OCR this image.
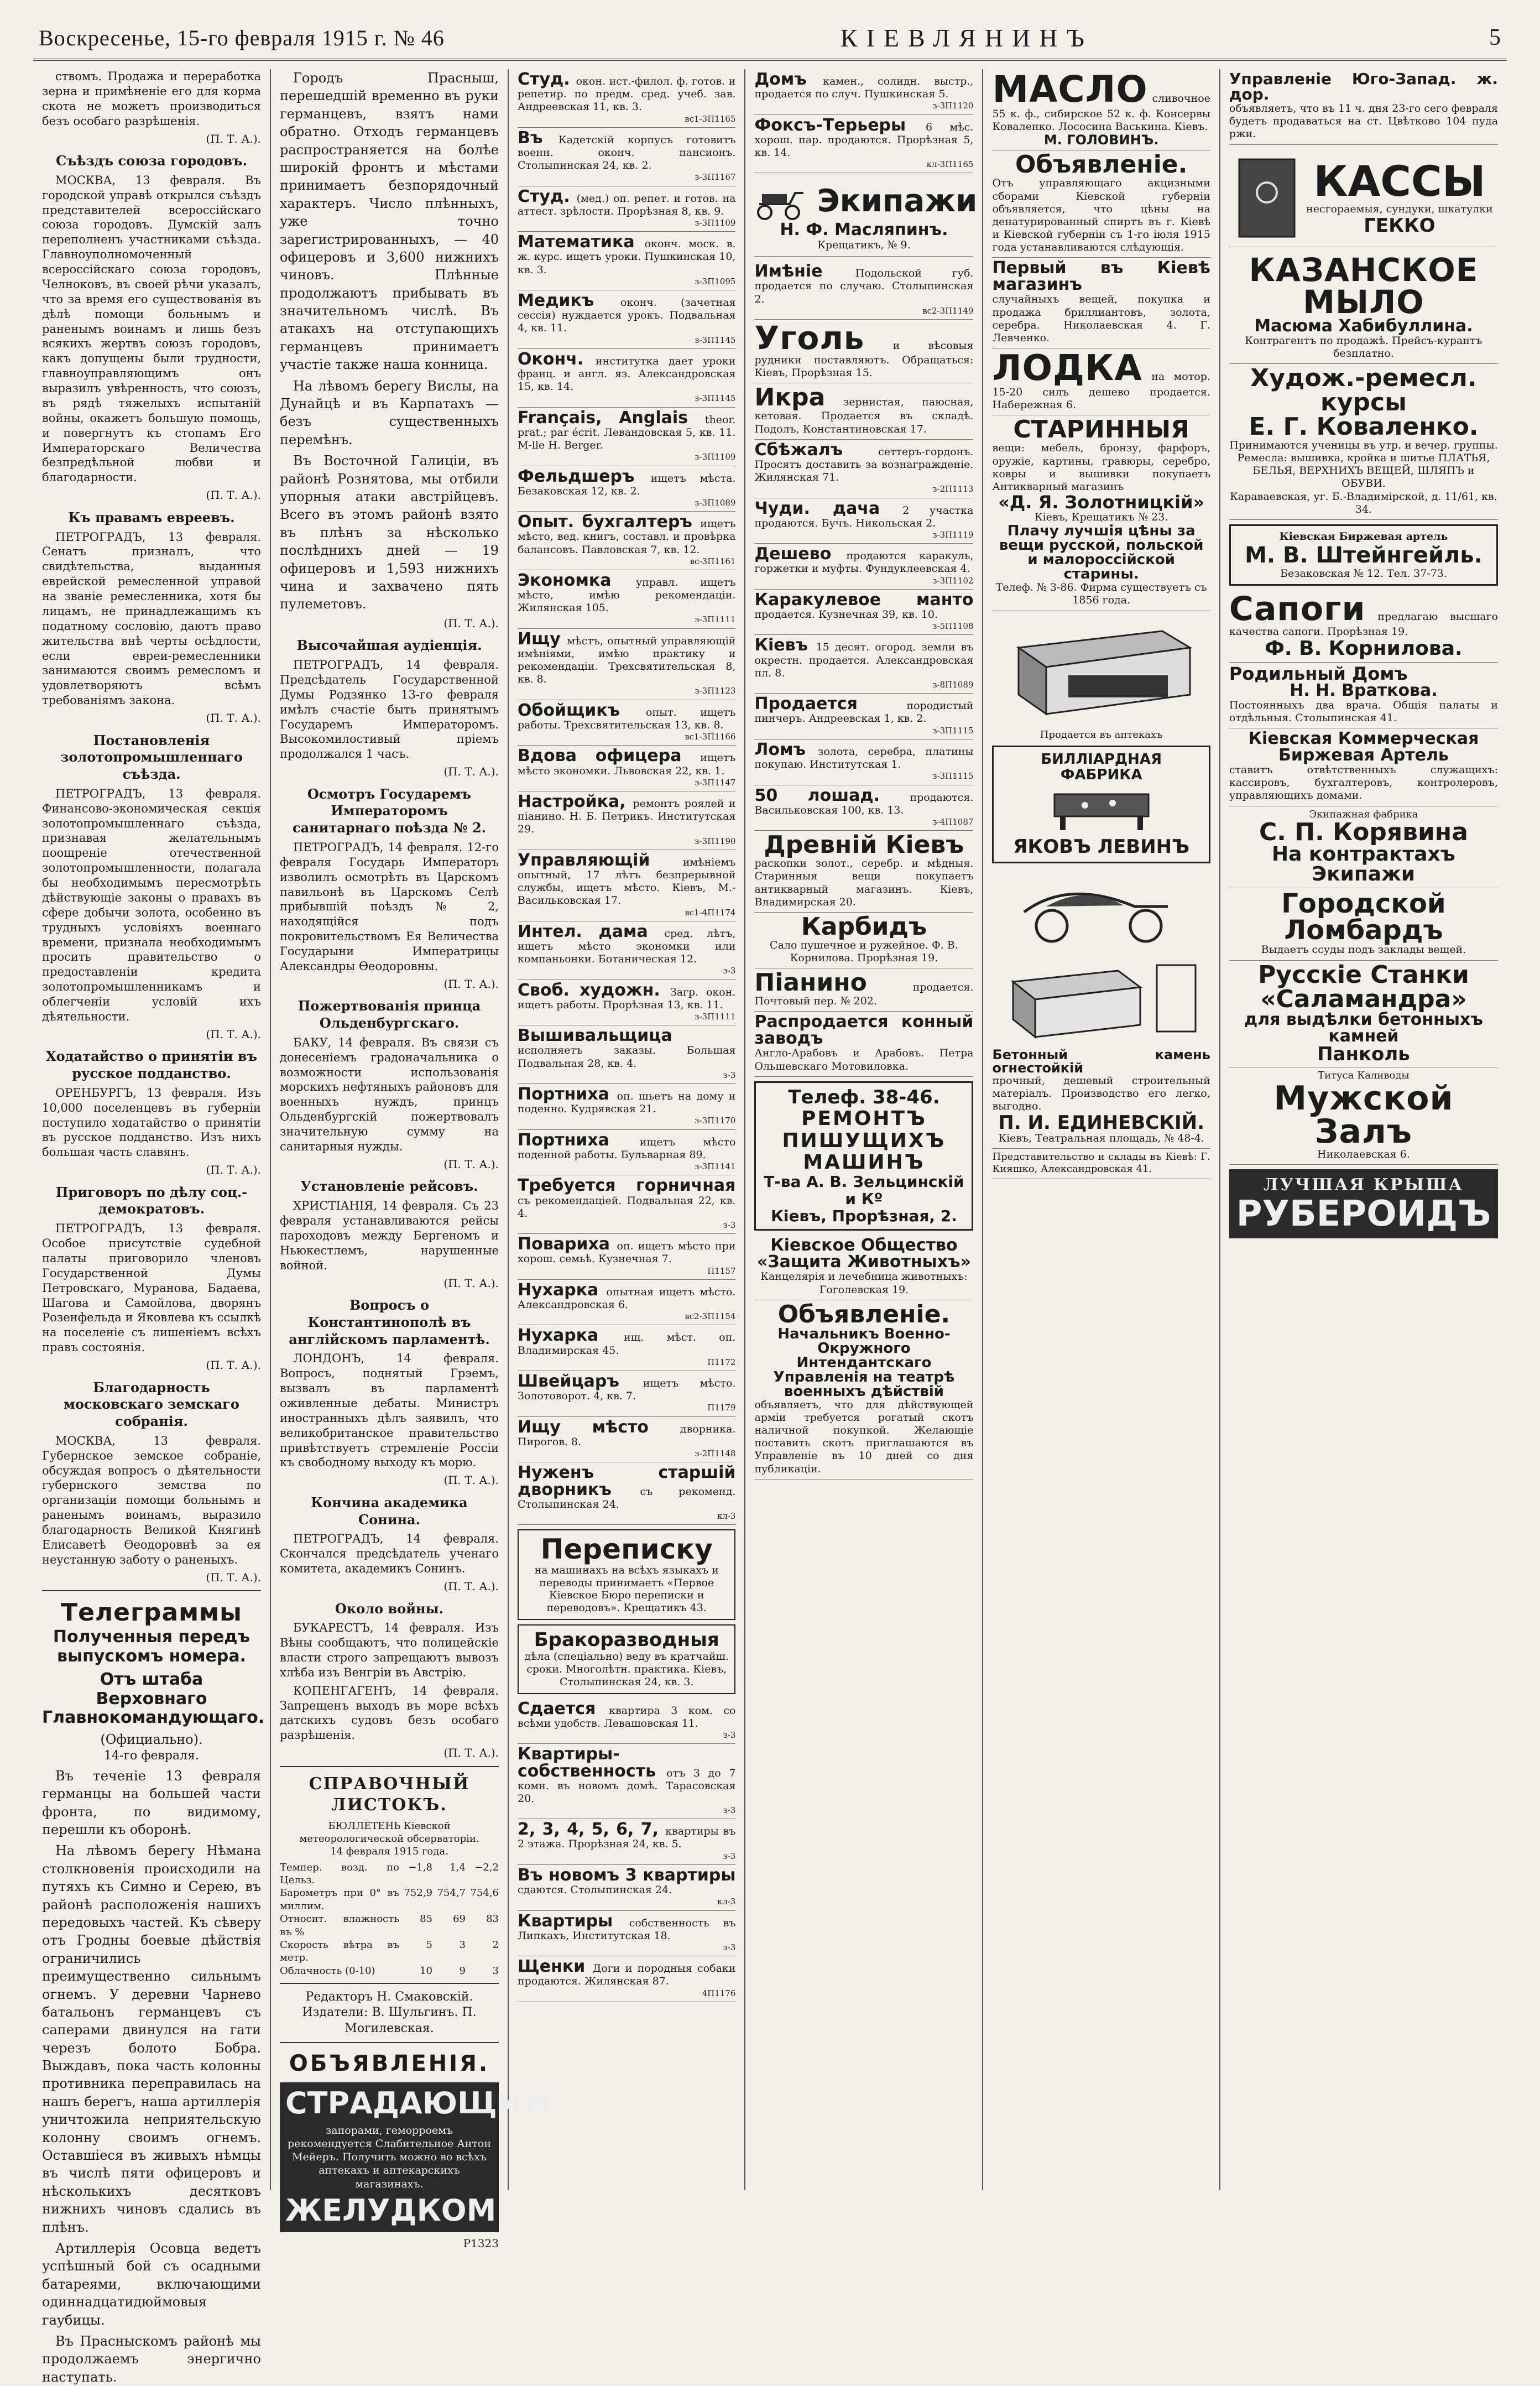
Воскресенье, 15-го февраля 1915 г. № 46	КІЕВЛЯНИНЪ	5
ствомъ. Продажа и переработка зерна и примѣненіе его для корма скота не можетъ производиться безъ особаго разрѣшенія.
(П. Т. А.).
Съѣздъ союза городовъ.
МОСКВА, 13 февраля. Въ городской управѣ открылся съѣздъ представителей всероссійскаго союза городовъ. Думскій залъ переполненъ участниками съѣзда. Главноуполномоченный всероссійскаго союза городовъ, Челноковъ, въ своей рѣчи указалъ, что за время его существованія въ дѣлѣ помощи больнымъ и раненымъ воинамъ и лишь безъ всякихъ жертвъ союзъ городовъ, какъ допущены были трудности, главноуправляющимъ онъ выразилъ увѣренность, что союзъ, въ рядѣ тяжелыхъ испытаній войны, окажетъ большую помощь, и повергнутъ къ стопамъ Его Императорскаго Величества безпредѣльной любви и благодарности.
(П. Т. А.).
Къ правамъ евреевъ.
ПЕТРОГРАДЪ, 13 февраля. Сенатъ призналъ, что свидѣтельства, выданныя еврейской ремесленной управой на званіе ремесленника, хотя бы лицамъ, не принадлежащимъ къ податному сословію, даютъ право жительства внѣ черты осѣдлости, если евреи-ремесленники занимаются своимъ ремесломъ и удовлетворяютъ всѣмъ требованіямъ закона.
(П. Т. А.).
Постановленія золотопромышленнаго съѣзда.
ПЕТРОГРАДЪ, 13 февраля. Финансово-экономическая секція золотопромышленнаго съѣзда, признавая желательнымъ поощреніе отечественной золотопромышленности, полагала бы необходимымъ пересмотрѣть дѣйствующіе законы о правахъ въ сфере добычи золота, особенно въ трудныхъ условіяхъ военнаго времени, признала необходимымъ просить правительство о предоставленіи кредита золотопромышленникамъ и облегченіи условій ихъ дѣятельности.
(П. Т. А.).
Ходатайство о принятіи въ русское подданство.
ОРЕНБУРГЪ, 13 февраля. Изъ 10,000 поселенцевъ въ губерніи поступило ходатайство о принятіи въ русское подданство. Изъ нихъ большая часть славянъ.
(П. Т. А.).
Приговоръ по дѣлу соц.-демократовъ.
ПЕТРОГРАДЪ, 13 февраля. Особое присутствіе судебной палаты приговорило членовъ Государственной Думы Петровскаго, Муранова, Бадаева, Шагова и Самойлова, дворянъ Розенфельда и Яковлева къ ссылкѣ на поселеніе съ лишеніемъ всѣхъ правъ состоянія.
(П. Т. А.).
Благодарность московскаго земскаго собранія.
МОСКВА, 13 февраля. Губернское земское собраніе, обсуждая вопросъ о дѣятельности губернского земства по организаціи помощи больнымъ и раненымъ воинамъ, выразило благодарность Великой Княгинѣ Елисаветѣ Ѳеодоровнѣ за ея неустанную заботу о раненыхъ.
(П. Т. А.).
Телеграммы
Полученныя передъ выпускомъ номера.
Отъ штаба Верховнаго Главнокомандующаго.
(Официально).
14-го февраля.
Въ теченіе 13 февраля германцы на большей части фронта, по видимому, перешли къ оборонѣ.
На лѣвомъ берегу Нѣмана столкновенія происходили на путяхъ къ Симно и Серею, въ районѣ расположенія нашихъ передовыхъ частей. Къ сѣверу отъ Гродны боевые дѣйствія ограничились преимущественно сильнымъ огнемъ. У деревни Чарнево батальонъ германцевъ съ саперами двинулся на гати черезъ болото Бобра. Выждавъ, пока часть колонны противника переправилась на нашъ берегъ, наша артиллерія уничтожила неприятельскую колонну своимъ огнемъ. Оставшіеся въ живыхъ нѣмцы въ числѣ пяти офицеровъ и нѣсколькихъ десятковъ нижнихъ чиновъ сдались въ плѣнъ.
Артиллерія Осовца ведетъ успѣшный бой съ осадными батареями, включающими одиннадцатидюймовыя гаубицы.
Въ Прасныскомъ районѣ мы продолжаемъ энергично наступать.
Городъ Прасныш, перешедшій временно въ руки германцевъ, взятъ нами обратно. Отходъ германцевъ распространяется на болѣе широкій фронтъ и мѣстами принимаетъ безпорядочный характеръ. Число плѣнныхъ, уже точно зарегистрированныхъ, — 40 офицеровъ и 3,600 нижнихъ чиновъ. Плѣнные продолжаютъ прибывать въ значительномъ числѣ. Въ атакахъ на отступающихъ германцевъ принимаетъ участіе также наша конница.
На лѣвомъ берегу Вислы, на Дунайцѣ и въ Карпатахъ — безъ существенныхъ перемѣнъ.
Въ Восточной Галиціи, въ районѣ Рознятова, мы отбили упорныя атаки австрійцевъ. Всего въ этомъ районѣ взято въ плѣнъ за нѣсколько послѣднихъ дней — 19 офицеровъ и 1,593 нижнихъ чина и захвачено пять пулеметовъ.
(П. Т. А.).
Высочайшая аудіенція.
ПЕТРОГРАДЪ, 14 февраля. Предсѣдатель Государственной Думы Родзянко 13-го февраля имѣлъ счастіе быть принятымъ Государемъ Императоромъ. Высокомилостивый пріемъ продолжался 1 часъ.
(П. Т. А.).
Осмотръ Государемъ Императоромъ санитарнаго поѣзда № 2.
ПЕТРОГРАДЪ, 14 февраля. 12-го февраля Государь Императоръ изволилъ осмотрѣть въ Царскомъ павильонѣ въ Царскомъ Селѣ прибывшій поѣздъ № 2, находящійся подъ покровительствомъ Ея Величества Государыни Императрицы Александры Ѳеодоровны.
(П. Т. А.).
Пожертвованія принца Ольденбургскаго.
БАКУ, 14 февраля. Въ связи съ донесеніемъ градоначальника о возможности использованія морскихъ нефтяныхъ районовъ для военныхъ нуждъ, принцъ Ольденбургскій пожертвовалъ значительную сумму на санитарныя нужды.
(П. Т. А.).
Установленіе рейсовъ.
ХРИСТІАНІЯ, 14 февраля. Съ 23 февраля устанавливаются рейсы пароходовъ между Бергеномъ и Ньюкестлемъ, нарушенные войной.
(П. Т. А.).
Вопросъ о Константинополѣ въ англійскомъ парламентѣ.
ЛОНДОНЪ, 14 февраля. Вопросъ, поднятый Грэемъ, вызвалъ въ парламентѣ оживленные дебаты. Министръ иностранныхъ дѣлъ заявилъ, что великобританское правительство привѣтствуетъ стремленіе Россіи къ свободному выходу къ морю.
(П. Т. А.).
Кончина академика Сонина.
ПЕТРОГРАДЪ, 14 февраля. Скончался предсѣдатель ученаго комитета, академикъ Сонинъ.
(П. Т. А.).
Около войны.
БУКАРЕСТЪ, 14 февраля. Изъ Вѣны сообщаютъ, что полицейскіе власти строго запрещаютъ вывозъ хлѣба изъ Венгріи въ Австрію.
КОПЕНГАГЕНЪ, 14 февраля. Запрещенъ выходъ въ море всѣхъ датскихъ судовъ безъ особаго разрѣшенія.
(П. Т. А.).
СПРАВОЧНЫЙ ЛИСТОКЪ.
БЮЛЛЕТЕНЬ Кіевской метеорологической обсерваторіи.
14 февраля 1915 года.
Темпер. возд. по Цельз.
−1,8	1,4 −2,2
Барометръ при 0° въ миллим.
752,9 754,7 754,6
Относит. влажность въ %
85	69	83
Скорость вѣтра въ метр.
5	3	2
Облачность (0-10)	10	9	3
Редакторъ Н. Смаковскій.
Издатели: В. Шульгинъ. П. Могилевская.
ОБЪЯВЛЕНІЯ.
СТРАДАЮЩИМ
запорами, геморроемъ рекомендуется Слабительное Антон Мейеръ. Получить можно во всѣхъ аптекахъ и аптекарскихъ магазинахъ.
ЖЕЛУДКОМ
Р1323
Студ. окон. ист.-филол. ф. готов. и репетир. по предм. сред. учеб. зав. Андреевская 11, кв. 3.
вс1-3П1165
Въ Кадетскій корпусъ готовитъ военн. оконч. пансионъ. Столыпинская 24, кв. 2.
з-3П1167
Студ. (мед.) оп. репет. и готов. на аттест. зрѣлости. Прорѣзная 8, кв. 9.
з-3П1109
Математика оконч. моск. в. ж. курс. ищетъ уроки. Пушкинская 10, кв. 3.
з-3П1095
Медикъ оконч. (зачетная сессія) нуждается урокъ. Подвальная 4, кв. 11.
з-3П1145
Оконч. институтка дает уроки франц. и англ. яз. Александровская 15, кв. 14.
з-3П1145
Français, Anglais theor. prat.; par écrit. Левандовская 5, кв. 11. M-lle H. Berger.
з-3П1109
Фельдшеръ ищетъ мѣста. Безаковская 12, кв. 2.
з-3П1089
Опыт. бухгалтеръ ищетъ мѣсто, вед. книгъ, составл. и провѣрка балансовъ. Павловская 7, кв. 12.
вс-3П1161
Экономка управл. ищетъ мѣсто, имѣю рекомендаціи. Жилянская 105.
з-3П1111
Ищу мѣстъ, опытный управляющій имѣніями, имѣю практику и рекомендаціи. Трехсвятительская 8, кв. 8.
з-3П1123
Обойщикъ опыт. ищетъ работы. Трехсвятительская 13, кв. 8.
вс1-3П1166
Вдова офицера ищетъ мѣсто экономки. Львовская 22, кв. 1.
з-3П1147
Настройка, ремонтъ роялей и піанино. Н. Б. Петрикъ. Институтская 29.
з-3П1190
Управляющій имѣніемъ опытный, 17 лѣтъ безпрерывной службы, ищетъ мѣсто. Кіевъ, М.-Васильковская 17.
вс1-4П1174
Интел. дама сред. лѣтъ, ищетъ мѣсто экономки или компаньонки. Ботаническая 12.
з-3
Своб. художн. Загр. окон. ищетъ работы. Прорѣзная 13, кв. 11.
з-3П1111
Вышивальщица исполняетъ заказы. Большая Подвальная 28, кв. 4.
з-3
Портниха оп. шьетъ на дому и поденно. Кудрявская 21.
з-3П1170
Портниха ищетъ мѣсто поденной работы. Бульварная 89.
з-3П1141
Требуется горничная съ рекомендаціей. Подвальная 22, кв. 4.
з-3
Повариха оп. ищетъ мѣсто при хорош. семьѣ. Кузнечная 7.
П1157
Нухарка опытная ищетъ мѣсто. Александровская 6.
вс2-3П1154
Нухарка ищ. мѣст. оп. Владимирская 45.
П1172
Швейцаръ ищетъ мѣсто. Золотоворот. 4, кв. 7.
П1179
Ищу мѣсто дворника. Пирогов. 8.
з-2П1148
Нуженъ старшій дворникъ съ рекоменд. Столыпинская 24.
кл-3
Переписку
на машинахъ на всѣхъ языкахъ и переводы принимаетъ «Первое Кіевское Бюро переписки и переводовъ». Крещатикъ 43.
Бракоразводныя
дѣла (спеціально) веду въ кратчайш. сроки. Многолѣтн. практика. Кіевъ, Столыпинская 24, кв. 3.
Сдается квартира 3 ком. со всѣми удобств. Левашовская 11.
з-3
Квартиры-собственность отъ 3 до 7 комн. въ новомъ домѣ. Тарасовская 20.
з-3
2, 3, 4, 5, 6, 7, квартиры въ 2 этажа. Прорѣзная 24, кв. 5.
з-3
Въ новомъ 3 квартиры сдаются. Столыпинская 24.
кл-3
Квартиры собственность въ Липкахъ, Институтская 18.
з-3
Щенки Доги и породныя собаки продаются. Жилянская 87.
4П1176
Домъ камен., солидн. выстр., продается по случ. Пушкинская 5.
з-3П1120
Фоксъ-Терьеры 6 мѣс. хорош. пар. продаются. Прорѣзная 5, кв. 14.
кл-3П1165
Экипажи
Н. Ф. Масляпинъ.
Крещатикъ, № 9.
Имѣніе Подольской губ. продается по случаю. Столыпинская 2.
вс2-3П1149
Уголь	и вѣсовыя рудники поставляютъ. Обращаться: Кіевъ, Прорѣзная 15.
Икра зернистая, паюсная, кетовая. Продается въ складѣ. Подолъ, Константиновская 17.
Сбѣжалъ сеттеръ-гордонъ. Просятъ доставить за вознагражденіе. Жилянская 71.
з-2П1113
Чуди. дача 2 участка продаются. Бучъ. Никольская 2.
з-3П1119
Дешево продаются каракуль, горжетки и муфты. Фундуклеевская 4.
з-3П1102
Каракулевое манто продается. Кузнечная 39, кв. 10.
з-5П1108
Кіевъ 15 десят. огород. земли въ окрестн. продается. Александровская пл. 8.
з-8П1089
Продается породистый пинчеръ. Андреевская 1, кв. 2.
з-3П1115
Ломъ золота, серебра, платины покупаю. Институтская 1.
з-3П1115
50 лошад. продаются. Васильковская 100, кв. 13.
з-4П1087
Древній Кіевъ
раскопки золот., серебр. и мѣдныя. Старинныя вещи покупаетъ антикварный магазинъ. Кіевъ, Владимирская 20.
Карбидъ
Сало пушечное и ружейное. Ф. В. Корнилова. Прорѣзная 19.
Піанино	продается. Почтовый пер. № 202.
Распродается конный заводъ
Англо-Арабовъ и Арабовъ. Петра Ольшевскаго Мотовиловка.
Телеф. 38-46.
РЕМОНТЪ ПИШУЩИХЪ МАШИНЪ
Т-ва А. В. Зельцинскій и Кº
Кіевъ, Прорѣзная, 2.
Кіевское Общество «Защита Животныхъ»
Канцелярія и лечебница животныхъ: Гоголевская 19.
Объявленіе.
Начальникъ Военно-Окружного Интендантскаго Управленія на театрѣ военныхъ дѣйствій
объявляетъ, что для дѣйствующей арміи требуется рогатый скотъ наличной покупкой. Желающіе поставить скотъ приглашаются въ Управленіе въ 10 дней со дня публикаціи.
МАСЛО сливочное 55 к. ф., сибирское 52 к. ф. Консервы Коваленко. Лососина Васькина. Кіевъ.
М. ГОЛОВИНЪ.
Объявленіе.
Отъ управляющаго акцизными сборами Кіевской губерніи объявляется, что цѣны на денатурированный спиртъ въ г. Кіевѣ и Кіевской губерніи съ 1-го іюля 1915 года устанавливаются слѣдующія.
Первый въ Кіевѣ магазинъ
случайныхъ вещей, покупка и продажа бриллиантовъ, золота, серебра. Николаевская 4. Г. Левченко.
ЛОДКА на мотор. 15-20 силъ дешево продается. Набережная 6.
СТАРИННЫЯ
вещи: мебель, бронзу, фарфоръ, оружіе, картины, гравюры, серебро, ковры и вышивки покупаетъ Антикварный магазинъ
«Д. Я. Золотницкій»
Кіевъ, Крещатикъ № 23.
Плачу лучшія цѣны за вещи русской, польской и малороссійской старины.
Телеф. № 3-86. Фирма существуетъ съ 1856 года.
Продается въ аптекахъ
БИЛЛІАРДНАЯ ФАБРИКА
ЯКОВЪ ЛЕВИНЪ
Бетонный камень огнестойкій
прочный, дешевый строительный матеріалъ. Производство его легко, выгодно.
П. И. ЕДИНЕВСКІЙ.
Кіевъ, Театральная площадь, № 48-4.
Представительство и склады въ Кіевѣ: Г. Кияшко, Александровская 41.
Управленіе Юго-Запад. ж. дор.
объявляетъ, что въ 11 ч. дня 23-го сего февраля будетъ продаваться на ст. Цвѣтково 104 пуда ржи.
КАССЫ
несгораемыя, сундуки, шкатулки
ГЕККО
КАЗАНСКОЕ МЫЛО
Масюма Хабибуллина.
Контрагентъ по продажѣ. Прейсъ-курантъ безплатно.
Худож.-ремесл. курсы
Е. Г. Коваленко.
Принимаются ученицы въ утр. и вечер. группы. Ремесла: вышивка, кройка и шитье ПЛАТЬЯ, БЕЛЬЯ, ВЕРХНИХЪ ВЕЩЕЙ, ШЛЯПЪ и ОБУВИ.
Караваевская, уг. Б.-Владимірской, д. 11/61, кв. 34.
Кіевская Биржевая артель
М. В. Штейнгейль.
Безаковская № 12. Тел. 37-73.
Сапоги предлагаю высшаго качества сапоги. Прорѣзная 19.
Ф. В. Корнилова.
Родильный Домъ
Н. Н. Вратковa.
Постоянныхъ два врача. Общія палаты и отдѣльныя. Столыпинская 41.
Кіевская Коммерческая Биржевая Артель
ставитъ отвѣтственныхъ служащихъ: кассировъ, бухгалтеровъ, контролеровъ, управляющихъ домами.
Экипажная фабрика
С. П. Корявина
На контрактахъ Экипажи
Городской Ломбардъ
Выдаетъ ссуды подъ заклады вещей.
Русскіе Станки «Саламандра»
для выдѣлки бетонныхъ камней
Панколь
Титуса Каливоды
Мужской Залъ
Николаевская 6.
ЛУЧШАЯ КРЫША
РУБЕРОИДЪ
